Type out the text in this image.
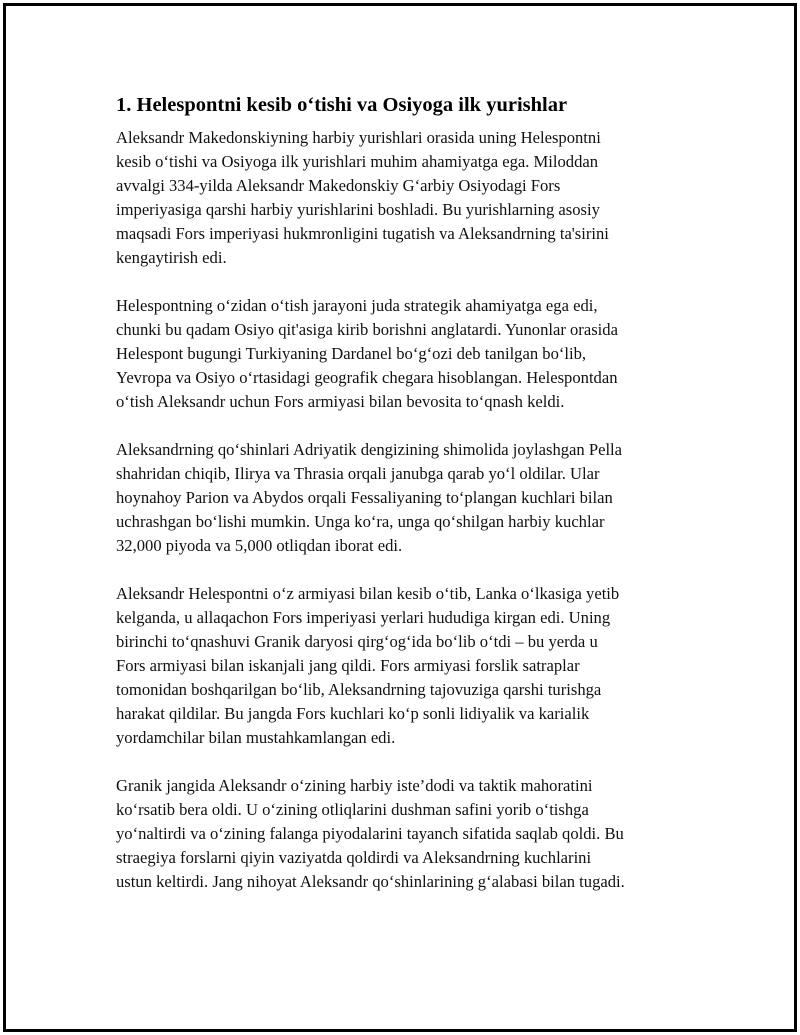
1. Helespontni kesib o‘tishi va Osiyoga ilk yurishlar

Aleksandr Makedonskiyning harbiy yurishlari orasida uning Helespontni
kesib o‘tishi va Osiyoga ilk yurishlari muhim ahamiyatga ega. Miloddan
avvalgi 334-yilda Aleksandr Makedonskiy G‘arbiy Osiyodagi Fors
imperiyasiga qarshi harbiy yurishlarini boshladi. Bu yurishlarning asosiy
maqsadi Fors imperiyasi hukmronligini tugatish va Aleksandrning ta'sirini
kengaytirish edi.

Helespontning o‘zidan o‘tish jarayoni juda strategik ahamiyatga ega edi,
chunki bu qadam Osiyo qit'asiga kirib borishni anglatardi. Yunonlar orasida
Helespont bugungi Turkiyaning Dardanel bo‘g‘ozi deb tanilgan bo‘lib,
Yevropa va Osiyo o‘rtasidagi geografik chegara hisoblangan. Helespontdan
o‘tish Aleksandr uchun Fors armiyasi bilan bevosita to‘qnash keldi.

Aleksandrning qo‘shinlari Adriyatik dengizining shimolida joylashgan Pella
shahridan chiqib, Ilirya va Thrasia orqali janubga qarab yo‘l oldilar. Ular
hoynahoy Parion va Abydos orqali Fessaliyaning to‘plangan kuchlari bilan
uchrashgan bo‘lishi mumkin. Unga ko‘ra, unga qo‘shilgan harbiy kuchlar
32,000 piyoda va 5,000 otliqdan iborat edi.

Aleksandr Helespontni o‘z armiyasi bilan kesib o‘tib, Lanka o‘lkasiga yetib
kelganda, u allaqachon Fors imperiyasi yerlari hududiga kirgan edi. Uning
birinchi to‘qnashuvi Granik daryosi qirg‘og‘ida bo‘lib o‘tdi – bu yerda u
Fors armiyasi bilan iskanjali jang qildi. Fors armiyasi forslik satraplar
tomonidan boshqarilgan bo‘lib, Aleksandrning tajovuziga qarshi turishga
harakat qildilar. Bu jangda Fors kuchlari ko‘p sonli lidiyalik va karialik
yordamchilar bilan mustahkamlangan edi.

Granik jangida Aleksandr o‘zining harbiy iste’dodi va taktik mahoratini
ko‘rsatib bera oldi. U o‘zining otliqlarini dushman safini yorib o‘tishga
yo‘naltirdi va o‘zining falanga piyodalarini tayanch sifatida saqlab qoldi. Bu
straegiya forslarni qiyin vaziyatda qoldirdi va Aleksandrning kuchlarini
ustun keltirdi. Jang nihoyat Aleksandr qo‘shinlarining g‘alabasi bilan tugadi.
